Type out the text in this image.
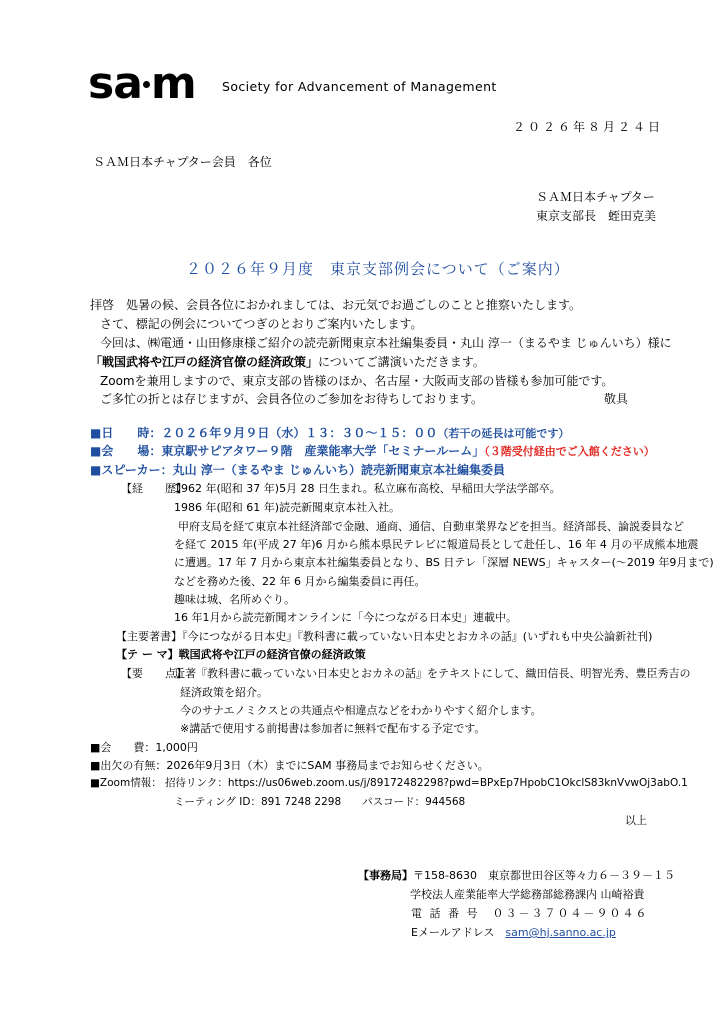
sa m Society for Advancement of Management
２０２６年８月２４日
ＳＡＭ日本チャプター会員　各位
ＳＡＭ日本チャプター
東京支部長　蛭田克美
２０２６年９月度　東京支部例会について（ご案内）
拝啓　処暑の候、会員各位におかれましては、お元気でお過ごしのことと推察いたします。
さて、標記の例会についてつぎのとおりご案内いたします。
今回は、㈱電通・山田修康様ご紹介の読売新聞東京本社編集委員・丸山 淳一（まるやま じゅんいち）様に
「戦国武将や江戸の経済官僚の経済政策」についてご講演いただきます。
Zoomを兼用しますので、東京支部の皆様のほか、名古屋・大阪両支部の皆様も参加可能です。
ご多忙の折とは存じますが、会員各位のご参加をお待ちしております。	敬具
■日　　時：２０２６年９月９日（水）１３：３０～１５：００（若干の延長は可能です）
■会　　場：東京駅サピアタワー９階　産業能率大学「セミナールーム」（３階受付経由でご入館ください）
■スピーカー：丸山 淳一（まるやま じゅんいち）読売新聞東京本社編集委員
【経　　歴】
1962 年(昭和 37 年)5月 28 日生まれ。私立麻布高校、早稲田大学法学部卒。
1986 年(昭和 61 年)読売新聞東京本社入社。
甲府支局を経て東京本社経済部で金融、通商、通信、自動車業界などを担当。経済部長、論説委員など
を経て 2015 年(平成 27 年)6 月から熊本県民テレビに報道局長として赴任し、16 年 4 月の平成熊本地震
に遭遇。17 年 7 月から東京本社編集委員となり、BS 日テレ「深層 NEWS」キャスター(～2019 年9月まで)
などを務めた後、22 年 6 月から編集委員に再任。
趣味は城、名所めぐり。
16 年1月から読売新聞オンラインに「今につながる日本史」連載中。
【主要著書】『今につながる日本史』『教科書に載っていない日本史とおカネの話』(いずれも中央公論新社刊)
【テ ー マ】戦国武将や江戸の経済官僚の経済政策
【要　　点】
近著『教科書に載っていない日本史とおカネの話』をテキストにして、織田信長、明智光秀、豊臣秀吉の
経済政策を紹介。
今のサナエノミクスとの共通点や相違点などをわかりやすく紹介します。
※講話で使用する前掲書は参加者に無料で配布する予定です。
■会　　費：1,000円
■出欠の有無：2026年9月3日（木）までにSAM 事務局までお知らせください。
■Zoom情報： 招待リンク：https://us06web.zoom.us/j/89172482298?pwd=BPxEp7HpobC1OkclS83knVvwOj3abO.1
ミーティング ID：891 7248 2298　　 パスコード：944568
以上
【事務局】〒158-8630　東京都世田谷区等々力６－３９－１５
学校法人産業能率大学総務部総務課内 山崎裕貴
電 話 番 号　 ０３－３７０４－９０４６
Eメールアドレス　 sam@hj.sanno.ac.jp
